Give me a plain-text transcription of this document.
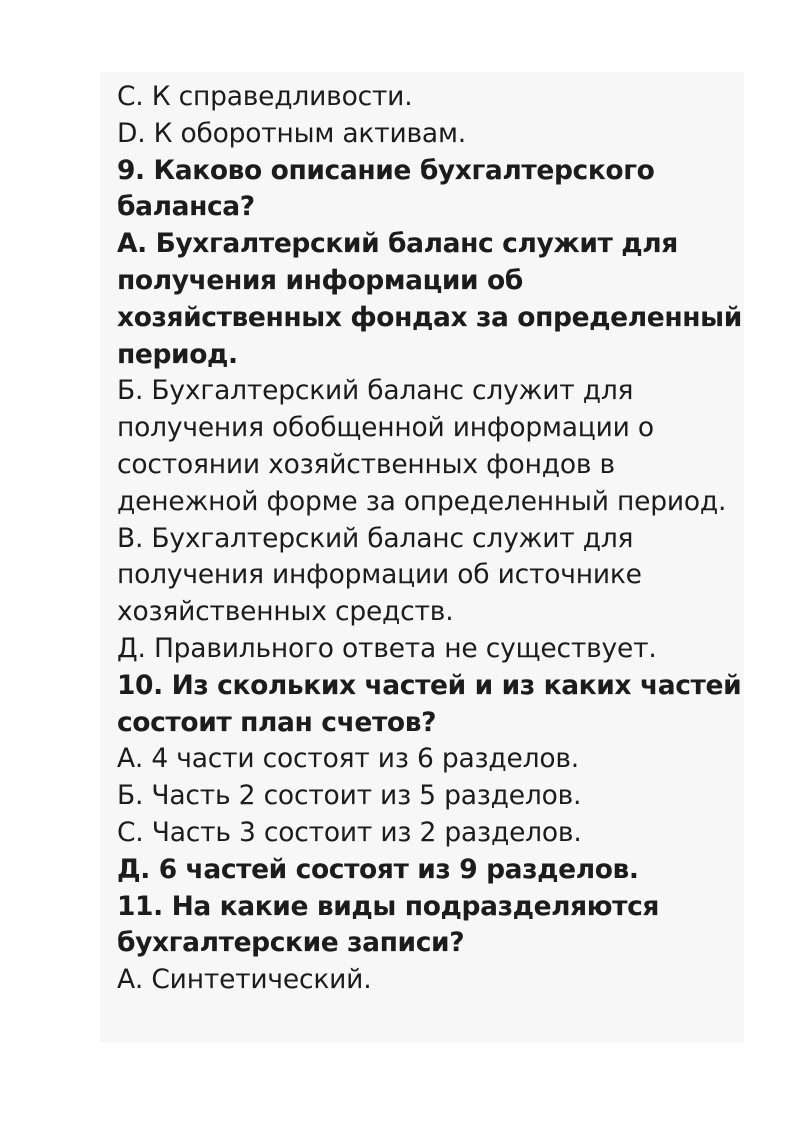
C. К справедливости.
D. К оборотным активам.
9. Каково описание бухгалтерского
баланса?
А. Бухгалтерский баланс служит для
получения информации об
хозяйственных фондах за определенный
период.
Б. Бухгалтерский баланс служит для
получения обобщенной информации о
состоянии хозяйственных фондов в
денежной форме за определенный период.
В. Бухгалтерский баланс служит для
получения информации об источнике
хозяйственных средств.
Д. Правильного ответа не существует.
10. Из скольких частей и из каких частей
состоит план счетов?
А. 4 части состоят из 6 разделов.
Б. Часть 2 состоит из 5 разделов.
С. Часть 3 состоит из 2 разделов.
Д. 6 частей состоят из 9 разделов.
11. На какие виды подразделяются
бухгалтерские записи?
А. Синтетический.
